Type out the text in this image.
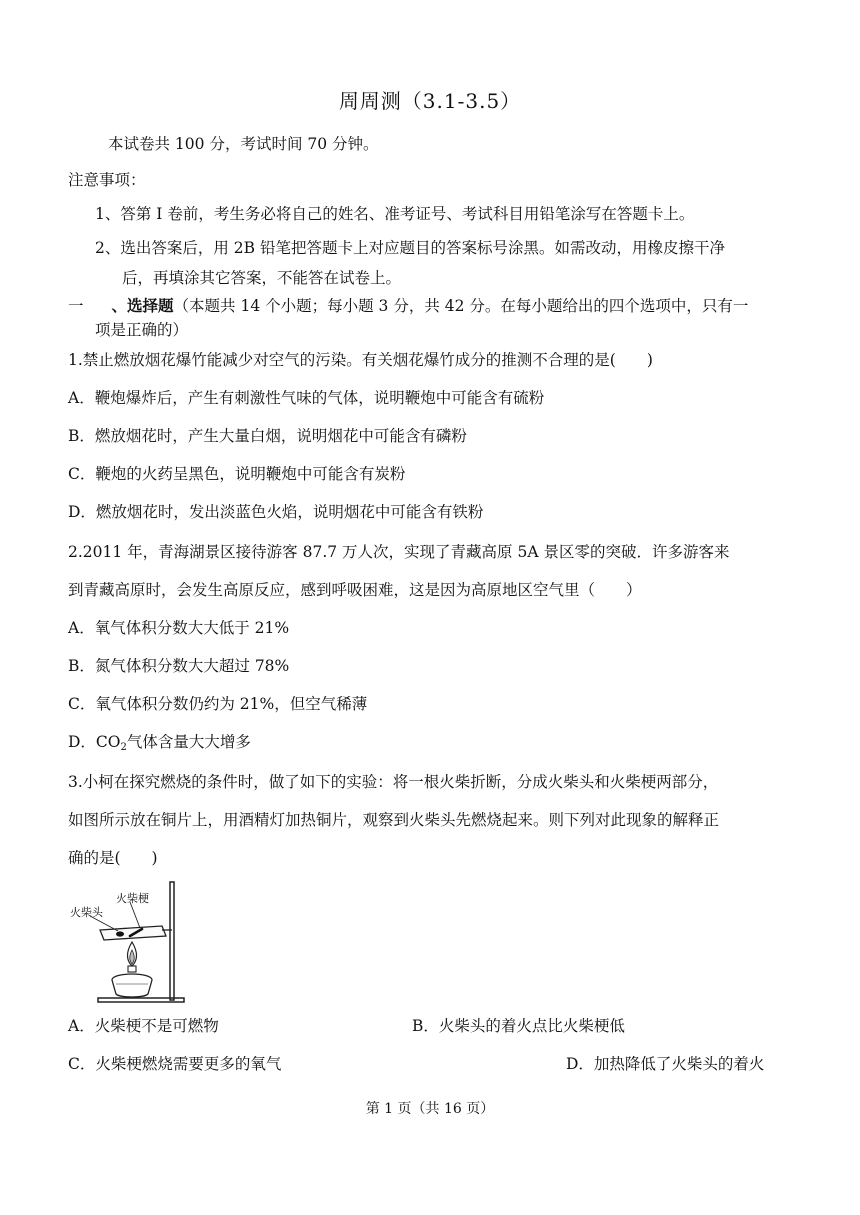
周周测（3.1-3.5）
本试卷共 100 分，考试时间 70 分钟。
注意事项：
1、答第 I 卷前，考生务必将自己的姓名、准考证号、考试科目用铅笔涂写在答题卡上。
2、选出答案后，用 2B 铅笔把答题卡上对应题目的答案标号涂黑。如需改动，用橡皮擦干净
后，再填涂其它答案，不能答在试卷上。
一 、选择题（本题共 14 个小题；每小题 3 分，共 42 分。在每小题给出的四个选项中，只有一
项是正确的）
1.禁止燃放烟花爆竹能减少对空气的污染。有关烟花爆竹成分的推测不合理的是(　　)
A．鞭炮爆炸后，产生有刺激性气味的气体，说明鞭炮中可能含有硫粉
B．燃放烟花时，产生大量白烟，说明烟花中可能含有磷粉
C．鞭炮的火药呈黑色，说明鞭炮中可能含有炭粉
D．燃放烟花时，发出淡蓝色火焰，说明烟花中可能含有铁粉
2.2011 年，青海湖景区接待游客 87.7 万人次，实现了青藏高原 5A 景区零的突破．许多游客来
到青藏高原时，会发生高原反应，感到呼吸困难，这是因为高原地区空气里（　　）
A．氧气体积分数大大低于 21%
B．氮气体积分数大大超过 78%
C．氧气体积分数仍约为 21%，但空气稀薄
D．$CO_2$气体含量大大增多
3.小柯在探究燃烧的条件时，做了如下的实验：将一根火柴折断，分成火柴头和火柴梗两部分，
如图所示放在铜片上，用酒精灯加热铜片，观察到火柴头先燃烧起来。则下列对此现象的解释正
确的是(　　)
火柴头
火柴梗
A．火柴梗不是可燃物	B．火柴头的着火点比火柴梗低
C．火柴梗燃烧需要更多的氧气	D．加热降低了火柴头的着火
第 1 页（共 16 页）
